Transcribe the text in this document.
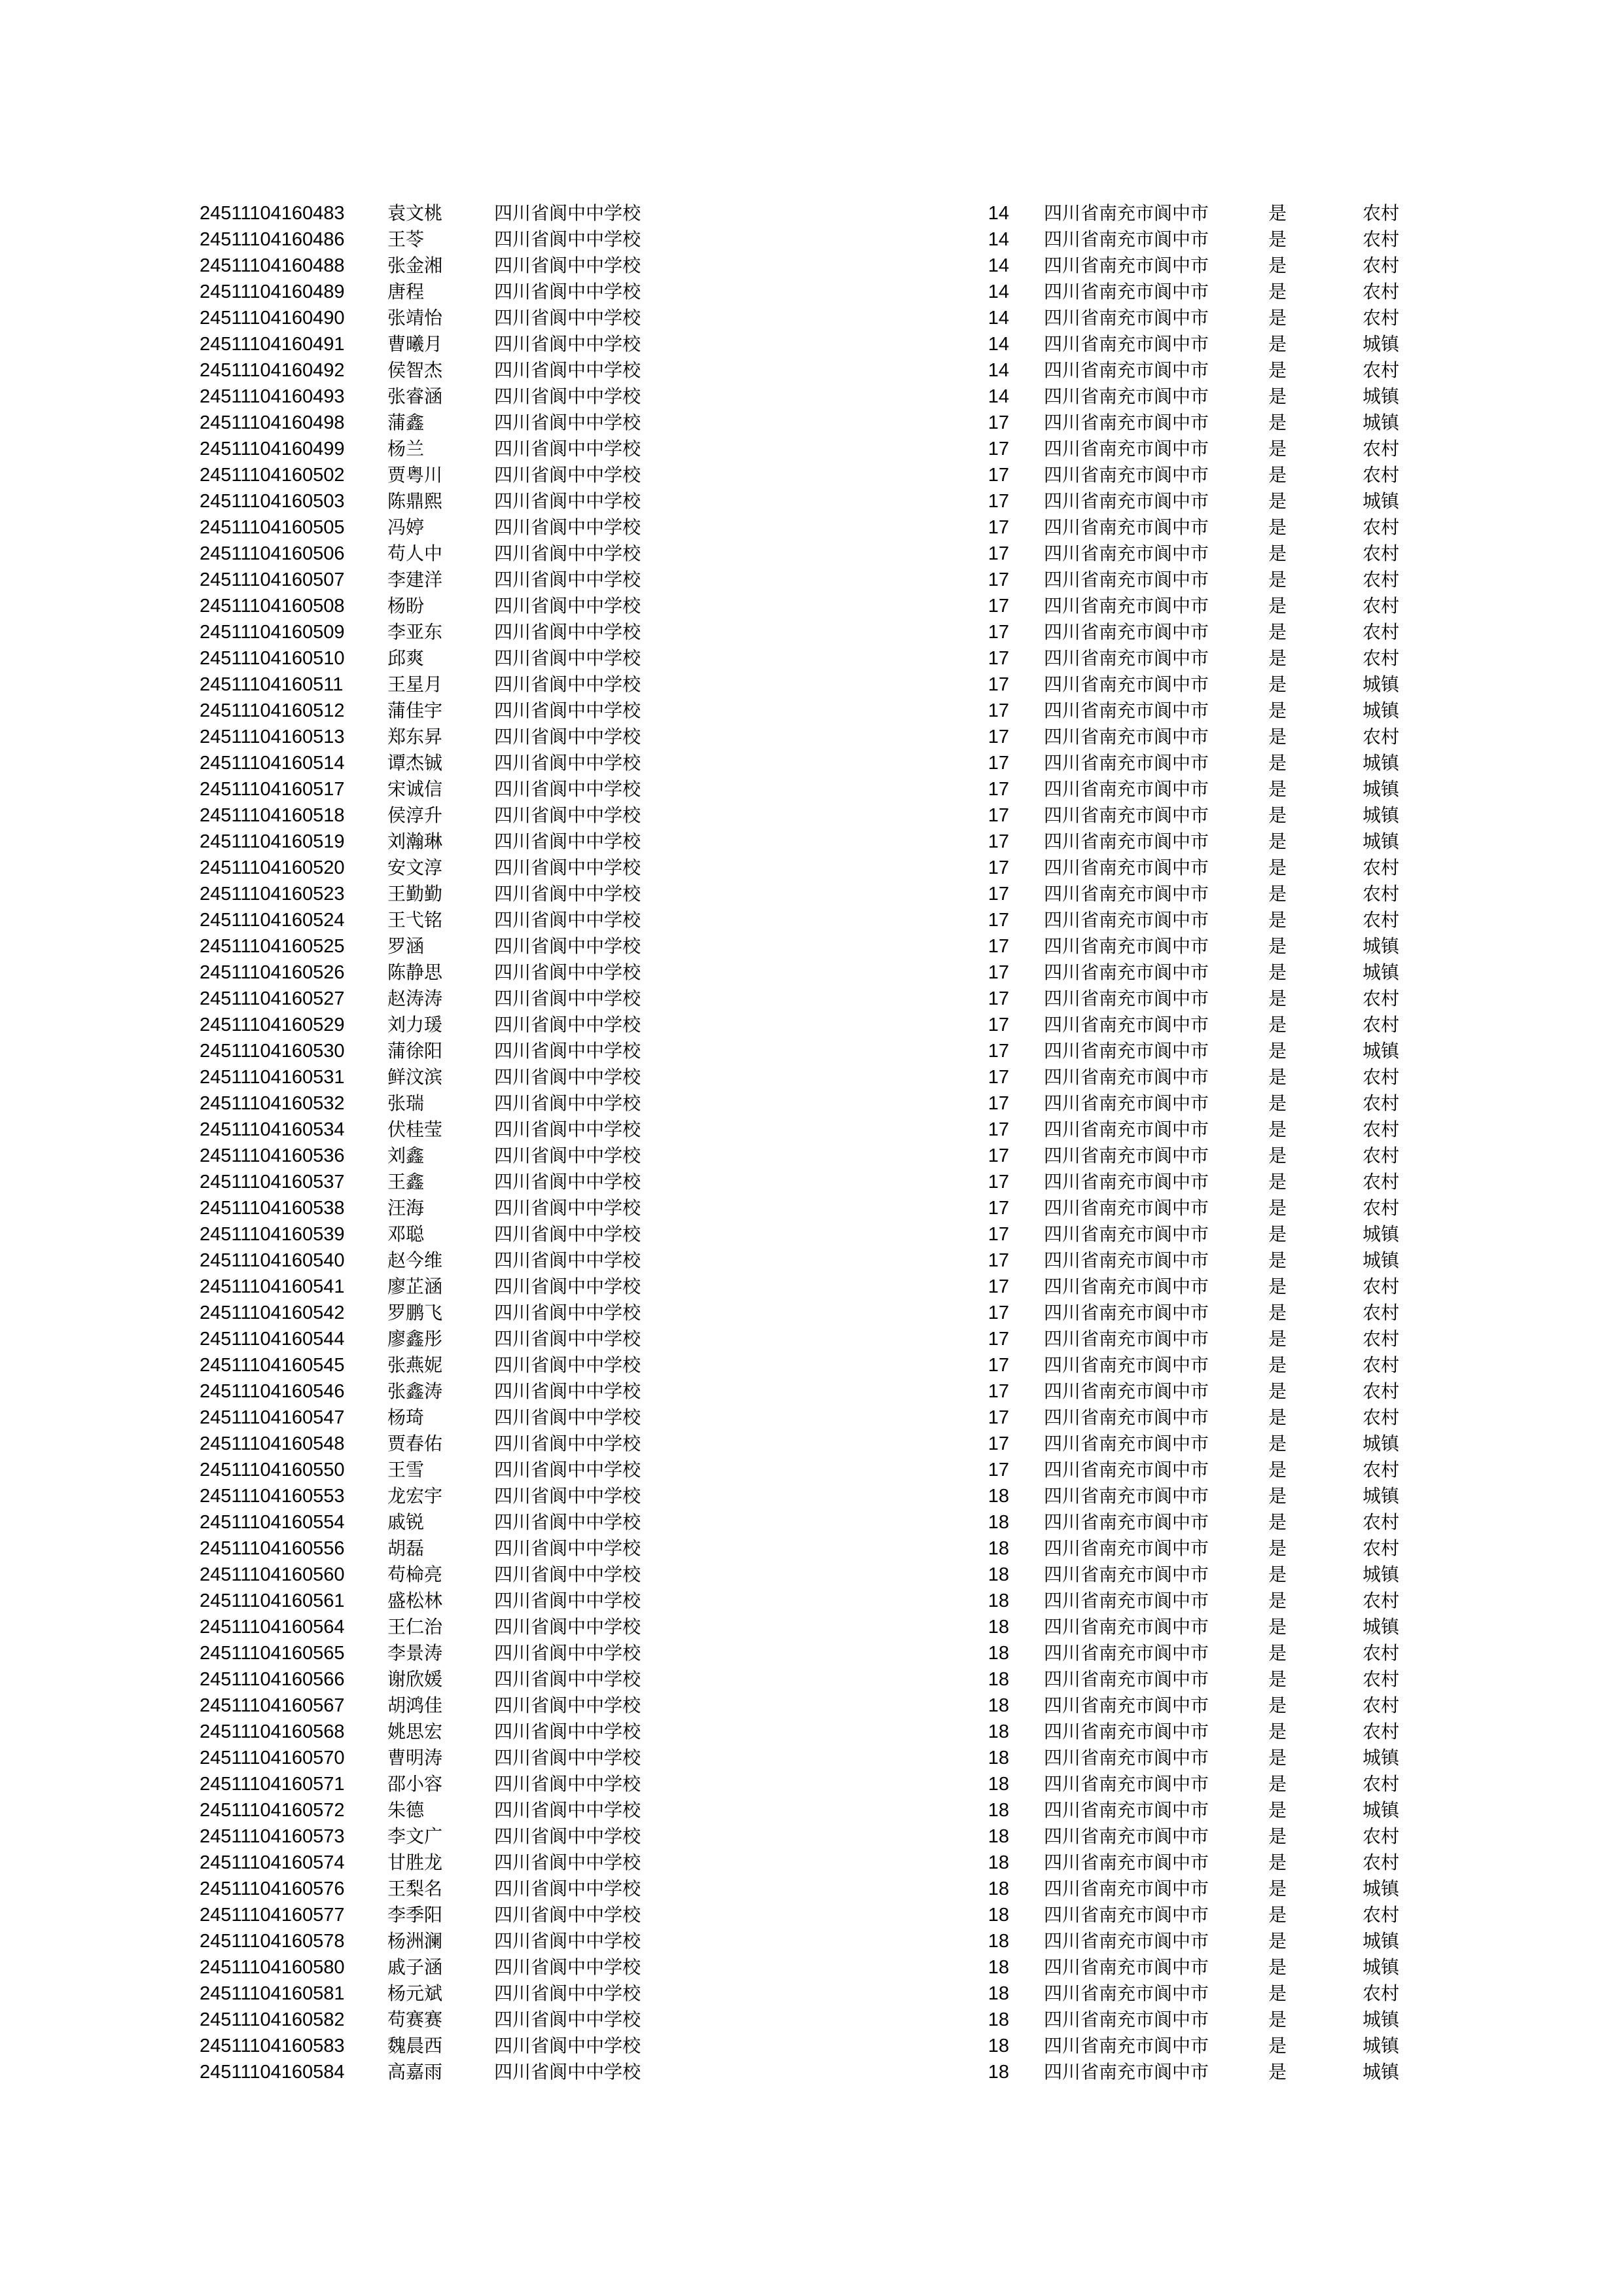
24511104160483 袁文桃	四川省阆中中学校	14 四川省南充市阆中市	是	农村
24511104160486 王苓	四川省阆中中学校	14 四川省南充市阆中市	是	农村
24511104160488 张金湘	四川省阆中中学校	14 四川省南充市阆中市	是	农村
24511104160489 唐程	四川省阆中中学校	14 四川省南充市阆中市	是	农村
24511104160490 张靖怡	四川省阆中中学校	14 四川省南充市阆中市	是	农村
24511104160491 曹曦月	四川省阆中中学校	14 四川省南充市阆中市	是	城镇
24511104160492 侯智杰	四川省阆中中学校	14 四川省南充市阆中市	是	农村
24511104160493 张睿涵	四川省阆中中学校	14 四川省南充市阆中市	是	城镇
24511104160498 蒲鑫	四川省阆中中学校	17 四川省南充市阆中市	是	城镇
24511104160499 杨兰	四川省阆中中学校	17 四川省南充市阆中市	是	农村
24511104160502 贾粤川	四川省阆中中学校	17 四川省南充市阆中市	是	农村
24511104160503 陈鼎熙	四川省阆中中学校	17 四川省南充市阆中市	是	城镇
24511104160505 冯婷	四川省阆中中学校	17 四川省南充市阆中市	是	农村
24511104160506 苟人中	四川省阆中中学校	17 四川省南充市阆中市	是	农村
24511104160507 李建洋	四川省阆中中学校	17 四川省南充市阆中市	是	农村
24511104160508 杨盼	四川省阆中中学校	17 四川省南充市阆中市	是	农村
24511104160509 李亚东	四川省阆中中学校	17 四川省南充市阆中市	是	农村
24511104160510 邱爽	四川省阆中中学校	17 四川省南充市阆中市	是	农村
24511104160511 王星月	四川省阆中中学校	17 四川省南充市阆中市	是	城镇
24511104160512 蒲佳宇	四川省阆中中学校	17 四川省南充市阆中市	是	城镇
24511104160513 郑东昇	四川省阆中中学校	17 四川省南充市阆中市	是	农村
24511104160514 谭杰铖	四川省阆中中学校	17 四川省南充市阆中市	是	城镇
24511104160517 宋诚信	四川省阆中中学校	17 四川省南充市阆中市	是	城镇
24511104160518 侯淳升	四川省阆中中学校	17 四川省南充市阆中市	是	城镇
24511104160519 刘瀚琳	四川省阆中中学校	17 四川省南充市阆中市	是	城镇
24511104160520 安文淳	四川省阆中中学校	17 四川省南充市阆中市	是	农村
24511104160523 王勤勤	四川省阆中中学校	17 四川省南充市阆中市	是	农村
24511104160524 王弋铭	四川省阆中中学校	17 四川省南充市阆中市	是	农村
24511104160525 罗涵	四川省阆中中学校	17 四川省南充市阆中市	是	城镇
24511104160526 陈静思	四川省阆中中学校	17 四川省南充市阆中市	是	城镇
24511104160527 赵涛涛	四川省阆中中学校	17 四川省南充市阆中市	是	农村
24511104160529 刘力瑗	四川省阆中中学校	17 四川省南充市阆中市	是	农村
24511104160530 蒲徐阳	四川省阆中中学校	17 四川省南充市阆中市	是	城镇
24511104160531 鲜汶滨	四川省阆中中学校	17 四川省南充市阆中市	是	农村
24511104160532 张瑞	四川省阆中中学校	17 四川省南充市阆中市	是	农村
24511104160534 伏桂莹	四川省阆中中学校	17 四川省南充市阆中市	是	农村
24511104160536 刘鑫	四川省阆中中学校	17 四川省南充市阆中市	是	农村
24511104160537 王鑫	四川省阆中中学校	17 四川省南充市阆中市	是	农村
24511104160538 汪海	四川省阆中中学校	17 四川省南充市阆中市	是	农村
24511104160539 邓聪	四川省阆中中学校	17 四川省南充市阆中市	是	城镇
24511104160540 赵今维	四川省阆中中学校	17 四川省南充市阆中市	是	城镇
24511104160541 廖芷涵	四川省阆中中学校	17 四川省南充市阆中市	是	农村
24511104160542 罗鹏飞	四川省阆中中学校	17 四川省南充市阆中市	是	农村
24511104160544 廖鑫彤	四川省阆中中学校	17 四川省南充市阆中市	是	农村
24511104160545 张燕妮	四川省阆中中学校	17 四川省南充市阆中市	是	农村
24511104160546 张鑫涛	四川省阆中中学校	17 四川省南充市阆中市	是	农村
24511104160547 杨琦	四川省阆中中学校	17 四川省南充市阆中市	是	农村
24511104160548 贾春佑	四川省阆中中学校	17 四川省南充市阆中市	是	城镇
24511104160550 王雪	四川省阆中中学校	17 四川省南充市阆中市	是	农村
24511104160553 龙宏宇	四川省阆中中学校	18 四川省南充市阆中市	是	城镇
24511104160554 戚锐	四川省阆中中学校	18 四川省南充市阆中市	是	农村
24511104160556 胡磊	四川省阆中中学校	18 四川省南充市阆中市	是	农村
24511104160560 苟椧亮	四川省阆中中学校	18 四川省南充市阆中市	是	城镇
24511104160561 盛松林	四川省阆中中学校	18 四川省南充市阆中市	是	农村
24511104160564 王仁治	四川省阆中中学校	18 四川省南充市阆中市	是	城镇
24511104160565 李景涛	四川省阆中中学校	18 四川省南充市阆中市	是	农村
24511104160566 谢欣媛	四川省阆中中学校	18 四川省南充市阆中市	是	农村
24511104160567 胡鸿佳	四川省阆中中学校	18 四川省南充市阆中市	是	农村
24511104160568 姚思宏	四川省阆中中学校	18 四川省南充市阆中市	是	农村
24511104160570 曹明涛	四川省阆中中学校	18 四川省南充市阆中市	是	城镇
24511104160571 邵小容	四川省阆中中学校	18 四川省南充市阆中市	是	农村
24511104160572 朱德	四川省阆中中学校	18 四川省南充市阆中市	是	城镇
24511104160573 李文广	四川省阆中中学校	18 四川省南充市阆中市	是	农村
24511104160574 甘胜龙	四川省阆中中学校	18 四川省南充市阆中市	是	农村
24511104160576 王梨名	四川省阆中中学校	18 四川省南充市阆中市	是	城镇
24511104160577 李季阳	四川省阆中中学校	18 四川省南充市阆中市	是	农村
24511104160578 杨洲澜	四川省阆中中学校	18 四川省南充市阆中市	是	城镇
24511104160580 戚子涵	四川省阆中中学校	18 四川省南充市阆中市	是	城镇
24511104160581 杨元斌	四川省阆中中学校	18 四川省南充市阆中市	是	农村
24511104160582 苟赛赛	四川省阆中中学校	18 四川省南充市阆中市	是	城镇
24511104160583 魏晨西	四川省阆中中学校	18 四川省南充市阆中市	是	城镇
24511104160584 高嘉雨	四川省阆中中学校	18 四川省南充市阆中市	是	城镇
